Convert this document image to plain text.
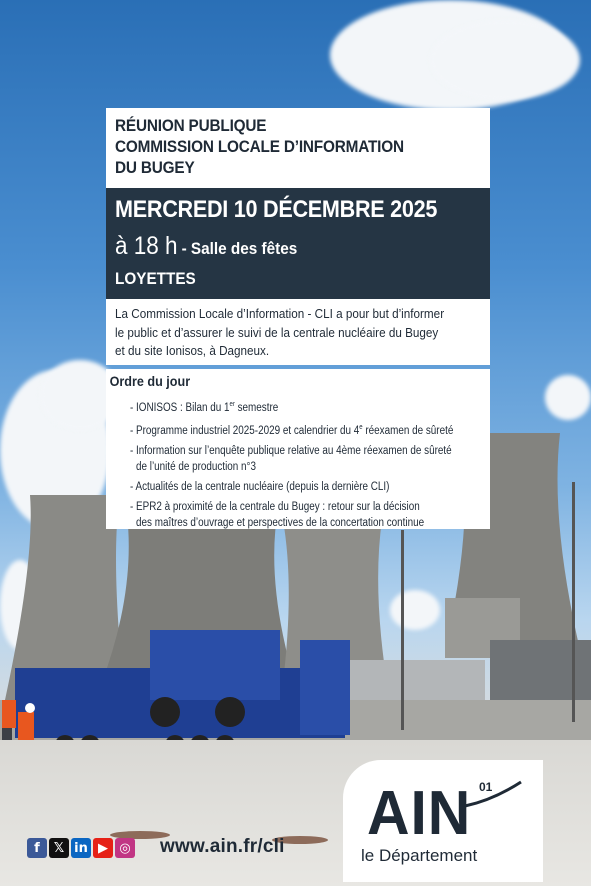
RÉUNION PUBLIQUE
COMMISSION LOCALE D’INFORMATION
DU BUGEY
MERCREDI 10 DÉCEMBRE 2025
à 18 h - Salle des fêtes
LOYETTES
La Commission Locale d’Information - CLI a pour but d’informer
le public et d’assurer le suivi de la centrale nucléaire du Bugey
et du site Ionisos, à Dagneux.
Ordre du jour
- IONISOS : Bilan du 1er semestre
- Programme industriel 2025-2029 et calendrier du 4e réexamen de sûreté
- Information sur l’enquête publique relative au 4ème réexamen de sûreté
de l’unité de production n°3
- Actualités de la centrale nucléaire (depuis la dernière CLI)
- EPR2 à proximité de la centrale du Bugey : retour sur la décision
des maîtres d’ouvrage et perspectives de la concertation continue
f	𝕏 in ▶ ◎ www.ain.fr/cli AIN 01
le Département
